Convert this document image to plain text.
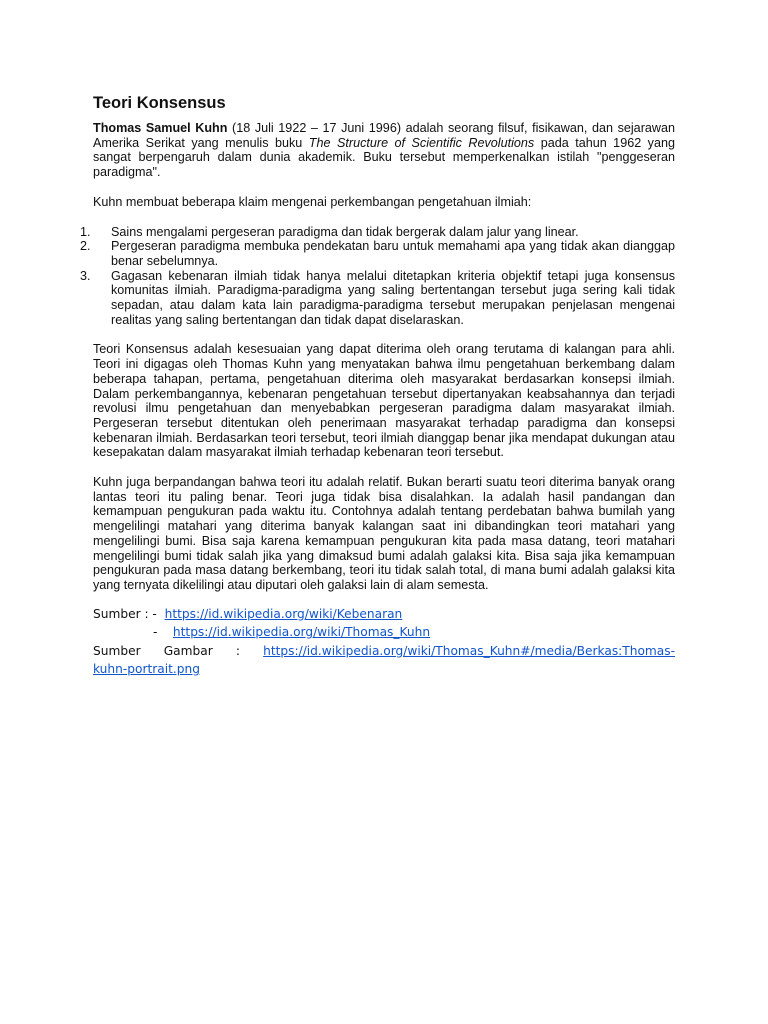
Teori Konsensus

Thomas Samuel Kuhn (18 Juli 1922 – 17 Juni 1996) adalah seorang filsuf, fisikawan, dan sejarawan Amerika Serikat yang menulis buku The Structure of Scientific Revolutions pada tahun 1962 yang sangat berpengaruh dalam dunia akademik. Buku tersebut memperkenalkan istilah "penggeseran paradigma".

Kuhn membuat beberapa klaim mengenai perkembangan pengetahuan ilmiah:

1.	Sains mengalami pergeseran paradigma dan tidak bergerak dalam jalur yang linear.
2.	Pergeseran paradigma membuka pendekatan baru untuk memahami apa yang tidak akan dianggap benar sebelumnya.
3.	Gagasan kebenaran ilmiah tidak hanya melalui ditetapkan kriteria objektif tetapi juga konsensus komunitas ilmiah. Paradigma-paradigma yang saling bertentangan tersebut juga sering kali tidak sepadan, atau dalam kata lain paradigma-paradigma tersebut merupakan penjelasan mengenai realitas yang saling bertentangan dan tidak dapat diselaraskan.

Teori Konsensus adalah kesesuaian yang dapat diterima oleh orang terutama di kalangan para ahli. Teori ini digagas oleh Thomas Kuhn yang menyatakan bahwa ilmu pengetahuan berkembang dalam beberapa tahapan, pertama, pengetahuan diterima oleh masyarakat berdasarkan konsepsi ilmiah. Dalam perkembangannya, kebenaran pengetahuan tersebut dipertanyakan keabsahannya dan terjadi revolusi ilmu pengetahuan dan menyebabkan pergeseran paradigma dalam masyarakat ilmiah. Pergeseran tersebut ditentukan oleh penerimaan masyarakat terhadap paradigma dan konsepsi kebenaran ilmiah. Berdasarkan teori tersebut, teori ilmiah dianggap benar jika mendapat dukungan atau kesepakatan dalam masyarakat ilmiah terhadap kebenaran teori tersebut.

Kuhn juga berpandangan bahwa teori itu adalah relatif. Bukan berarti suatu teori diterima banyak orang lantas teori itu paling benar. Teori juga tidak bisa disalahkan. Ia adalah hasil pandangan dan kemampuan pengukuran pada waktu itu. Contohnya adalah tentang perdebatan bahwa bumilah yang mengelilingi matahari yang diterima banyak kalangan saat ini dibandingkan teori matahari yang mengelilingi bumi. Bisa saja karena kemampuan pengukuran kita pada masa datang, teori matahari mengelilingi bumi tidak salah jika yang dimaksud bumi adalah galaksi kita. Bisa saja jika kemampuan pengukuran pada masa datang berkembang, teori itu tidak salah total, di mana bumi adalah galaksi kita yang ternyata dikelilingi atau diputari oleh galaksi lain di alam semesta.

Sumber : - https://id.wikipedia.org/wiki/Kebenaran
- https://id.wikipedia.org/wiki/Thomas_Kuhn
Sumber Gambar : https://id.wikipedia.org/wiki/Thomas_Kuhn#/media/Berkas:Thomas-
kuhn-portrait.png
